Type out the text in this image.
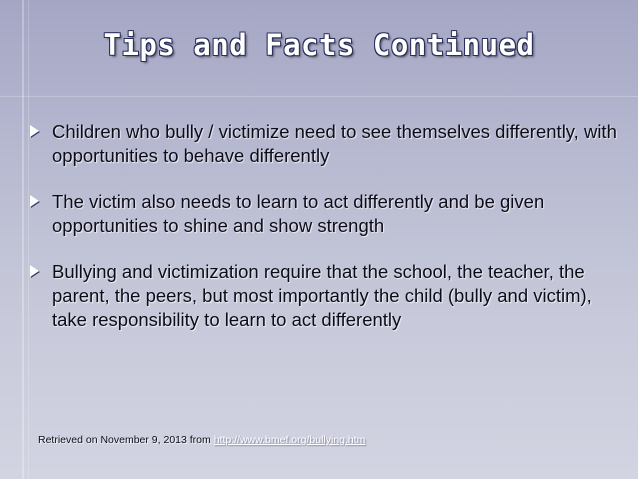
Tips and Facts Continued
Children who bully / victimize need to see themselves differently, with opportunities to behave differently
The victim also needs to learn to act differently and be given opportunities to shine and show strength
Bullying and victimization require that the school, the teacher, the parent, the peers, but most importantly the child (bully and victim), take responsibility to learn to act differently
Retrieved on November 9, 2013 from http://www.bmef.org/bullying.htm
